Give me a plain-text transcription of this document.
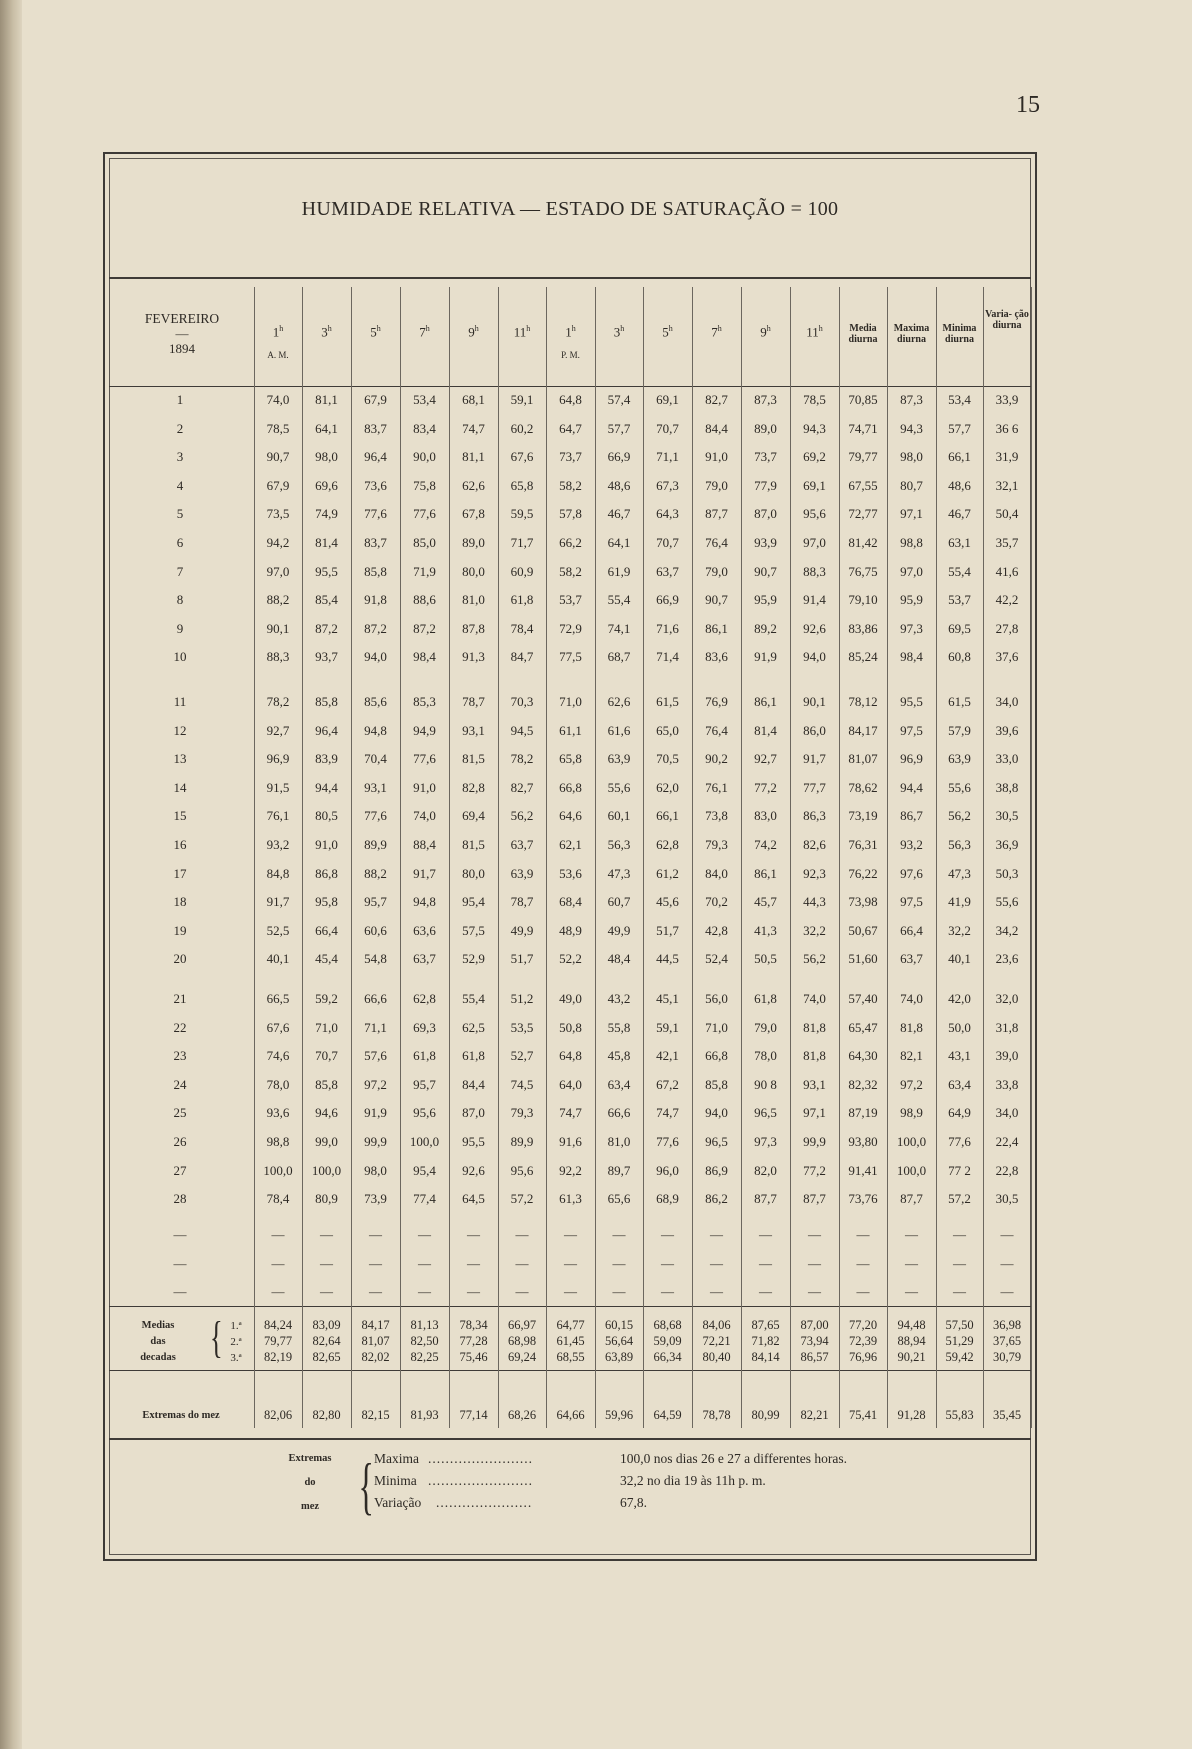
15
HUMIDADE RELATIVA — ESTADO DE SATURAÇÃO = 100
FEVEREIRO
—
1894
1$^h$	3$^h$	5$^h$	7$^h$	9$^h$	11$^h$	1$^h$	3$^h$	5$^h$	7$^h$	9$^h$	11$^h$
A. M.	P. M.
Media diurna
Maxima diurna
Minima diurna
Varia- ção diurna
1	74,0	81,1	67,9	53,4	68,1	59,1	64,8	57,4	69,1	82,7	87,3	78,5	70,85	87,3	53,4	33,9
2	78,5	64,1	83,7	83,4	74,7	60,2	64,7	57,7	70,7	84,4	89,0	94,3	74,71	94,3	57,7	36 6
3	90,7	98,0	96,4	90,0	81,1	67,6	73,7	66,9	71,1	91,0	73,7	69,2	79,77	98,0	66,1	31,9
4	67,9	69,6	73,6	75,8	62,6	65,8	58,2	48,6	67,3	79,0	77,9	69,1	67,55	80,7	48,6	32,1
5	73,5	74,9	77,6	77,6	67,8	59,5	57,8	46,7	64,3	87,7	87,0	95,6	72,77	97,1	46,7	50,4
6	94,2	81,4	83,7	85,0	89,0	71,7	66,2	64,1	70,7	76,4	93,9	97,0	81,42	98,8	63,1	35,7
7	97,0	95,5	85,8	71,9	80,0	60,9	58,2	61,9	63,7	79,0	90,7	88,3	76,75	97,0	55,4	41,6
8	88,2	85,4	91,8	88,6	81,0	61,8	53,7	55,4	66,9	90,7	95,9	91,4	79,10	95,9	53,7	42,2
9	90,1	87,2	87,2	87,2	87,8	78,4	72,9	74,1	71,6	86,1	89,2	92,6	83,86	97,3	69,5	27,8
10	88,3	93,7	94,0	98,4	91,3	84,7	77,5	68,7	71,4	83,6	91,9	94,0	85,24	98,4	60,8	37,6
11	78,2	85,8	85,6	85,3	78,7	70,3	71,0	62,6	61,5	76,9	86,1	90,1	78,12	95,5	61,5	34,0
12	92,7	96,4	94,8	94,9	93,1	94,5	61,1	61,6	65,0	76,4	81,4	86,0	84,17	97,5	57,9	39,6
13	96,9	83,9	70,4	77,6	81,5	78,2	65,8	63,9	70,5	90,2	92,7	91,7	81,07	96,9	63,9	33,0
14	91,5	94,4	93,1	91,0	82,8	82,7	66,8	55,6	62,0	76,1	77,2	77,7	78,62	94,4	55,6	38,8
15	76,1	80,5	77,6	74,0	69,4	56,2	64,6	60,1	66,1	73,8	83,0	86,3	73,19	86,7	56,2	30,5
16	93,2	91,0	89,9	88,4	81,5	63,7	62,1	56,3	62,8	79,3	74,2	82,6	76,31	93,2	56,3	36,9
17	84,8	86,8	88,2	91,7	80,0	63,9	53,6	47,3	61,2	84,0	86,1	92,3	76,22	97,6	47,3	50,3
18	91,7	95,8	95,7	94,8	95,4	78,7	68,4	60,7	45,6	70,2	45,7	44,3	73,98	97,5	41,9	55,6
19	52,5	66,4	60,6	63,6	57,5	49,9	48,9	49,9	51,7	42,8	41,3	32,2	50,67	66,4	32,2	34,2
20	40,1	45,4	54,8	63,7	52,9	51,7	52,2	48,4	44,5	52,4	50,5	56,2	51,60	63,7	40,1	23,6
21	66,5	59,2	66,6	62,8	55,4	51,2	49,0	43,2	45,1	56,0	61,8	74,0	57,40	74,0	42,0	32,0
22	67,6	71,0	71,1	69,3	62,5	53,5	50,8	55,8	59,1	71,0	79,0	81,8	65,47	81,8	50,0	31,8
23	74,6	70,7	57,6	61,8	61,8	52,7	64,8	45,8	42,1	66,8	78,0	81,8	64,30	82,1	43,1	39,0
24	78,0	85,8	97,2	95,7	84,4	74,5	64,0	63,4	67,2	85,8	90 8	93,1	82,32	97,2	63,4	33,8
25	93,6	94,6	91,9	95,6	87,0	79,3	74,7	66,6	74,7	94,0	96,5	97,1	87,19	98,9	64,9	34,0
26	98,8	99,0	99,9	100,0	95,5	89,9	91,6	81,0	77,6	96,5	97,3	99,9	93,80	100,0	77,6	22,4
27	100,0	100,0	98,0	95,4	92,6	95,6	92,2	89,7	96,0	86,9	82,0	77,2	91,41	100,0	77 2	22,8
28	78,4	80,9	73,9	77,4	64,5	57,2	61,3	65,6	68,9	86,2	87,7	87,7	73,76	87,7	57,2	30,5
—	—	—	—	—	—	—	—	—	—	—	—	—	—	—	—	—
—	—	—	—	—	—	—	—	—	—	—	—	—	—	—	—	—
—	—	—	—	—	—	—	—	—	—	—	—	—	—	—	—	—
Medias
das
decadas
1.ª
2.ª
3.ª
{	84,24	83,09	84,17	81,13	78,34	66,97	64,77	60,15	68,68	84,06	87,65	87,00	77,20	94,48	57,50	36,98
79,77	82,64	81,07	82,50	77,28	68,98	61,45	56,64	59,09	72,21	71,82	73,94	72,39	88,94	51,29	37,65
82,19	82,65	82,02	82,25	75,46	69,24	68,55	63,89	66,34	80,40	84,14	86,57	76,96	90,21	59,42	30,79
Extremas do mez	82,06	82,80	82,15	81,93	77,14	68,26	64,66	59,96	64,59	78,78	80,99	82,21	75,41	91,28	55,83	35,45
Extremas
do
mez { Maxima ........................	100,0 nos dias 26 e 27 a differentes horas.
Minima ........................	32,2 no dia 19 às 11h p. m.
Variação ......................	67,8.
